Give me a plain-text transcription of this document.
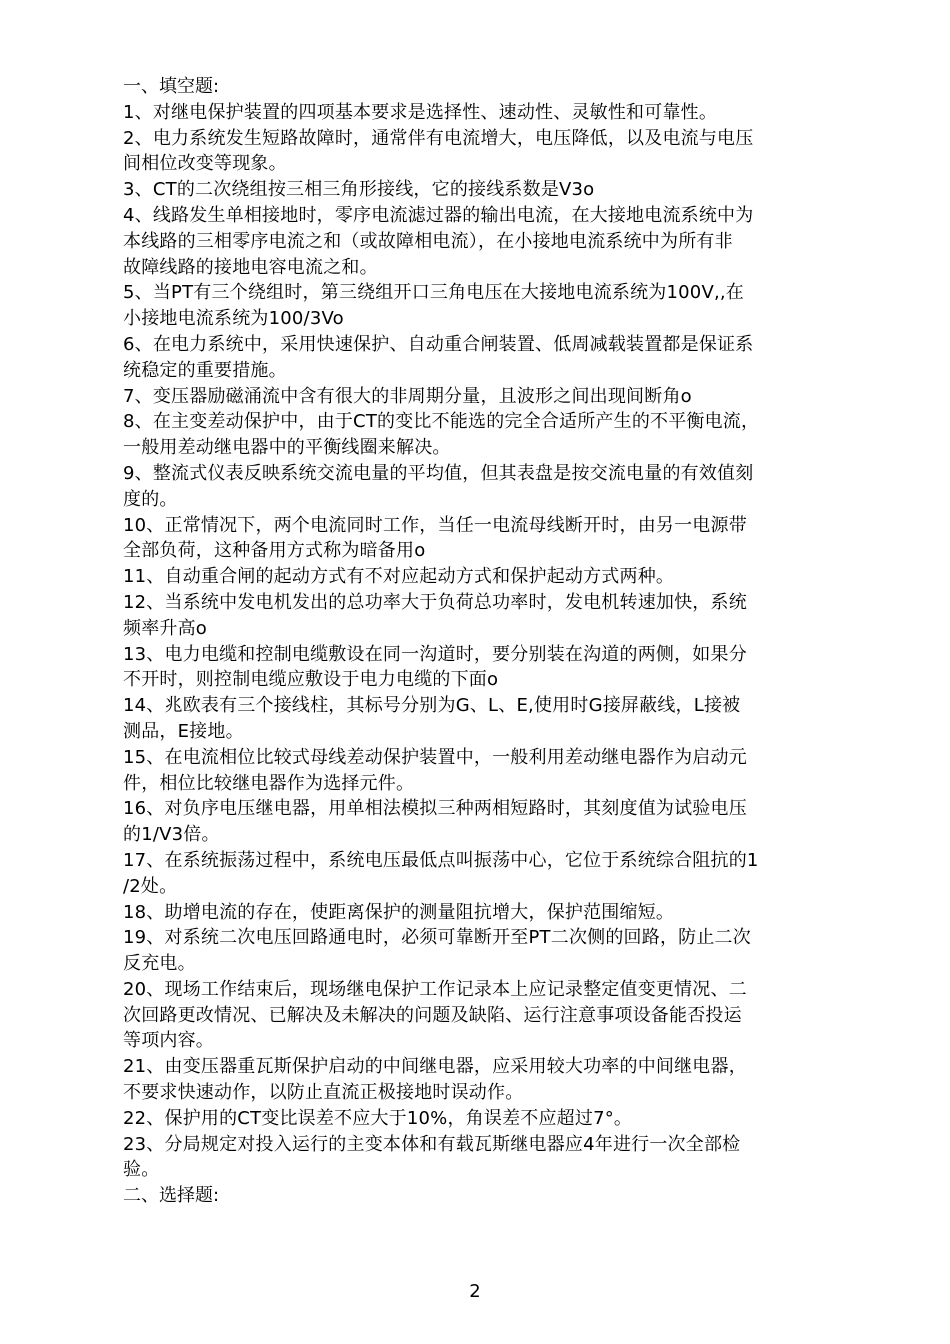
一、填空题:
1、对继电保护装置的四项基本要求是选择性、速动性、灵敏性和可靠性。
2、电力系统发生短路故障时，通常伴有电流增大，电压降低，以及电流与电压
间相位改变等现象。
3、CT的二次绕组按三相三角形接线，它的接线系数是V3o
4、线路发生单相接地时，零序电流滤过器的输出电流，在大接地电流系统中为
本线路的三相零序电流之和（或故障相电流），在小接地电流系统中为所有非
故障线路的接地电容电流之和。
5、当PT有三个绕组时，第三绕组开口三角电压在大接地电流系统为100V,,在
小接地电流系统为100/3Vo
6、在电力系统中，采用快速保护、自动重合闸装置、低周减载装置都是保证系
统稳定的重要措施。
7、变压器励磁涌流中含有很大的非周期分量，且波形之间出现间断角o
8、在主变差动保护中，由于CT的变比不能选的完全合适所产生的不平衡电流，
一般用差动继电器中的平衡线圈来解决。
9、整流式仪表反映系统交流电量的平均值，但其表盘是按交流电量的有效值刻
度的。
10、正常情况下，两个电流同时工作，当任一电流母线断开时，由另一电源带
全部负荷，这种备用方式称为暗备用o
11、自动重合闸的起动方式有不对应起动方式和保护起动方式两种。
12、当系统中发电机发出的总功率大于负荷总功率时，发电机转速加快，系统
频率升高o
13、电力电缆和控制电缆敷设在同一沟道时，要分别装在沟道的两侧，如果分
不开时，则控制电缆应敷设于电力电缆的下面o
14、兆欧表有三个接线柱，其标号分别为G、L、E,使用时G接屏蔽线，L接被
测品，E接地。
15、在电流相位比较式母线差动保护装置中，一般利用差动继电器作为启动元
件，相位比较继电器作为选择元件。
16、对负序电压继电器，用单相法模拟三种两相短路时，其刻度值为试验电压
的1/V3倍。
17、在系统振荡过程中，系统电压最低点叫振荡中心，它位于系统综合阻抗的1
/2处。
18、助增电流的存在，使距离保护的测量阻抗增大，保护范围缩短。
19、对系统二次电压回路通电时，必须可靠断开至PT二次侧的回路，防止二次
反充电。
20、现场工作结束后，现场继电保护工作记录本上应记录整定值变更情况、二
次回路更改情况、已解决及未解决的问题及缺陷、运行注意事项设备能否投运
等项内容。
21、由变压器重瓦斯保护启动的中间继电器，应采用较大功率的中间继电器，
不要求快速动作，以防止直流正极接地时误动作。
22、保护用的CT变比误差不应大于10%，角误差不应超过7°。
23、分局规定对投入运行的主变本体和有载瓦斯继电器应4年进行一次全部检
验。
二、选择题:
2
